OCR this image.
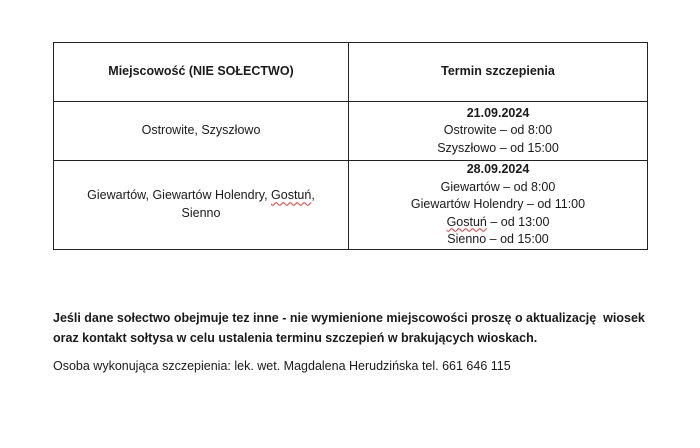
Miejscowość (NIE SOŁECTWO)	Termin szczepienia

Ostrowite, Szyszłowo	21.09.2024
Ostrowite – od 8:00
Szyszłowo – od 15:00

Giewartów, Giewartów Holendry, Gostuń,
Sienno	28.09.2024
Giewartów – od 8:00
Giewartów Holendry – od 11:00
Gostuń – od 13:00
Sienno – od 15:00
Jeśli dane sołectwo obejmuje tez inne - nie wymienione miejscowości proszę o aktualizację  wiosek
oraz kontakt sołtysa w celu ustalenia terminu szczepień w brakujących wioskach.
Osoba wykonująca szczepienia: lek. wet. Magdalena Herudzińska tel. 661 646 115
